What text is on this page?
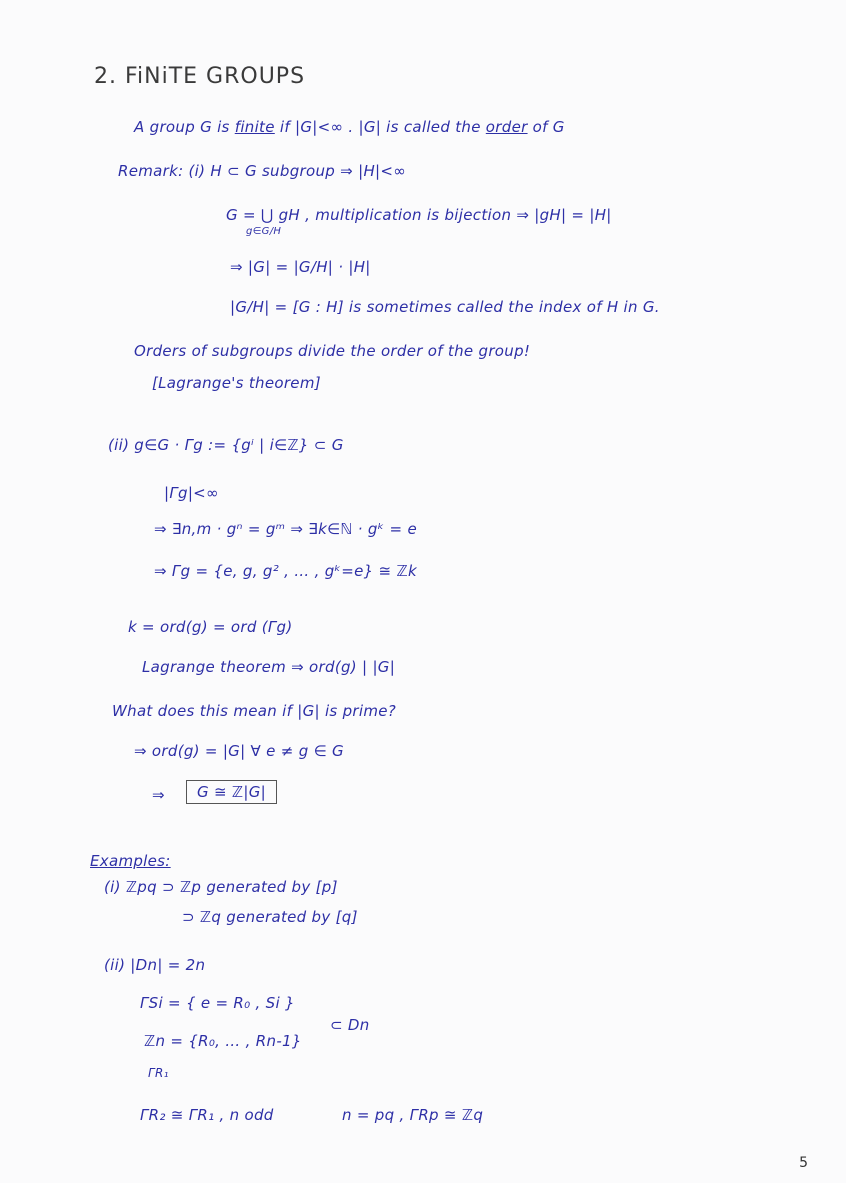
2. FiNiTE GROUPS
A group G is finite if |G|<∞ . |G| is called the order of G
Remark: (i) H ⊂ G subgroup ⇒ |H|<∞
G = ⋃ gH , multiplication is bijection ⇒ |gH| = |H|
g∈G/H
⇒ |G| = |G/H| · |H|
|G/H| = [G : H] is sometimes called the index of H in G.
Orders of subgroups divide the order of the group!
[Lagrange's theorem]
(ii) g∈G · Γg := {gⁱ | i∈ℤ} ⊂ G
|Γg|<∞
⇒ ∃n,m · gⁿ = gᵐ ⇒ ∃k∈ℕ · gᵏ = e
⇒ Γg = {e, g, g² , … , gᵏ=e} ≅ ℤk
k = ord(g) = ord (Γg)
Lagrange theorem ⇒ ord(g) | |G|
What does this mean if |G| is prime?
⇒ ord(g) = |G| ∀ e ≠ g ∈ G
⇒	G ≅ ℤ|G|
Examples:
(i) ℤpq ⊃ ℤp generated by [p]
⊃ ℤq generated by [q]
(ii) |Dn| = 2n
ΓSi = { e = R₀ , Si }
⊂ Dn
ℤn = {R₀, … , Rn-1}
ΓR₁
ΓR₂ ≅ ΓR₁ , n odd	n = pq , ΓRp ≅ ℤq
5
